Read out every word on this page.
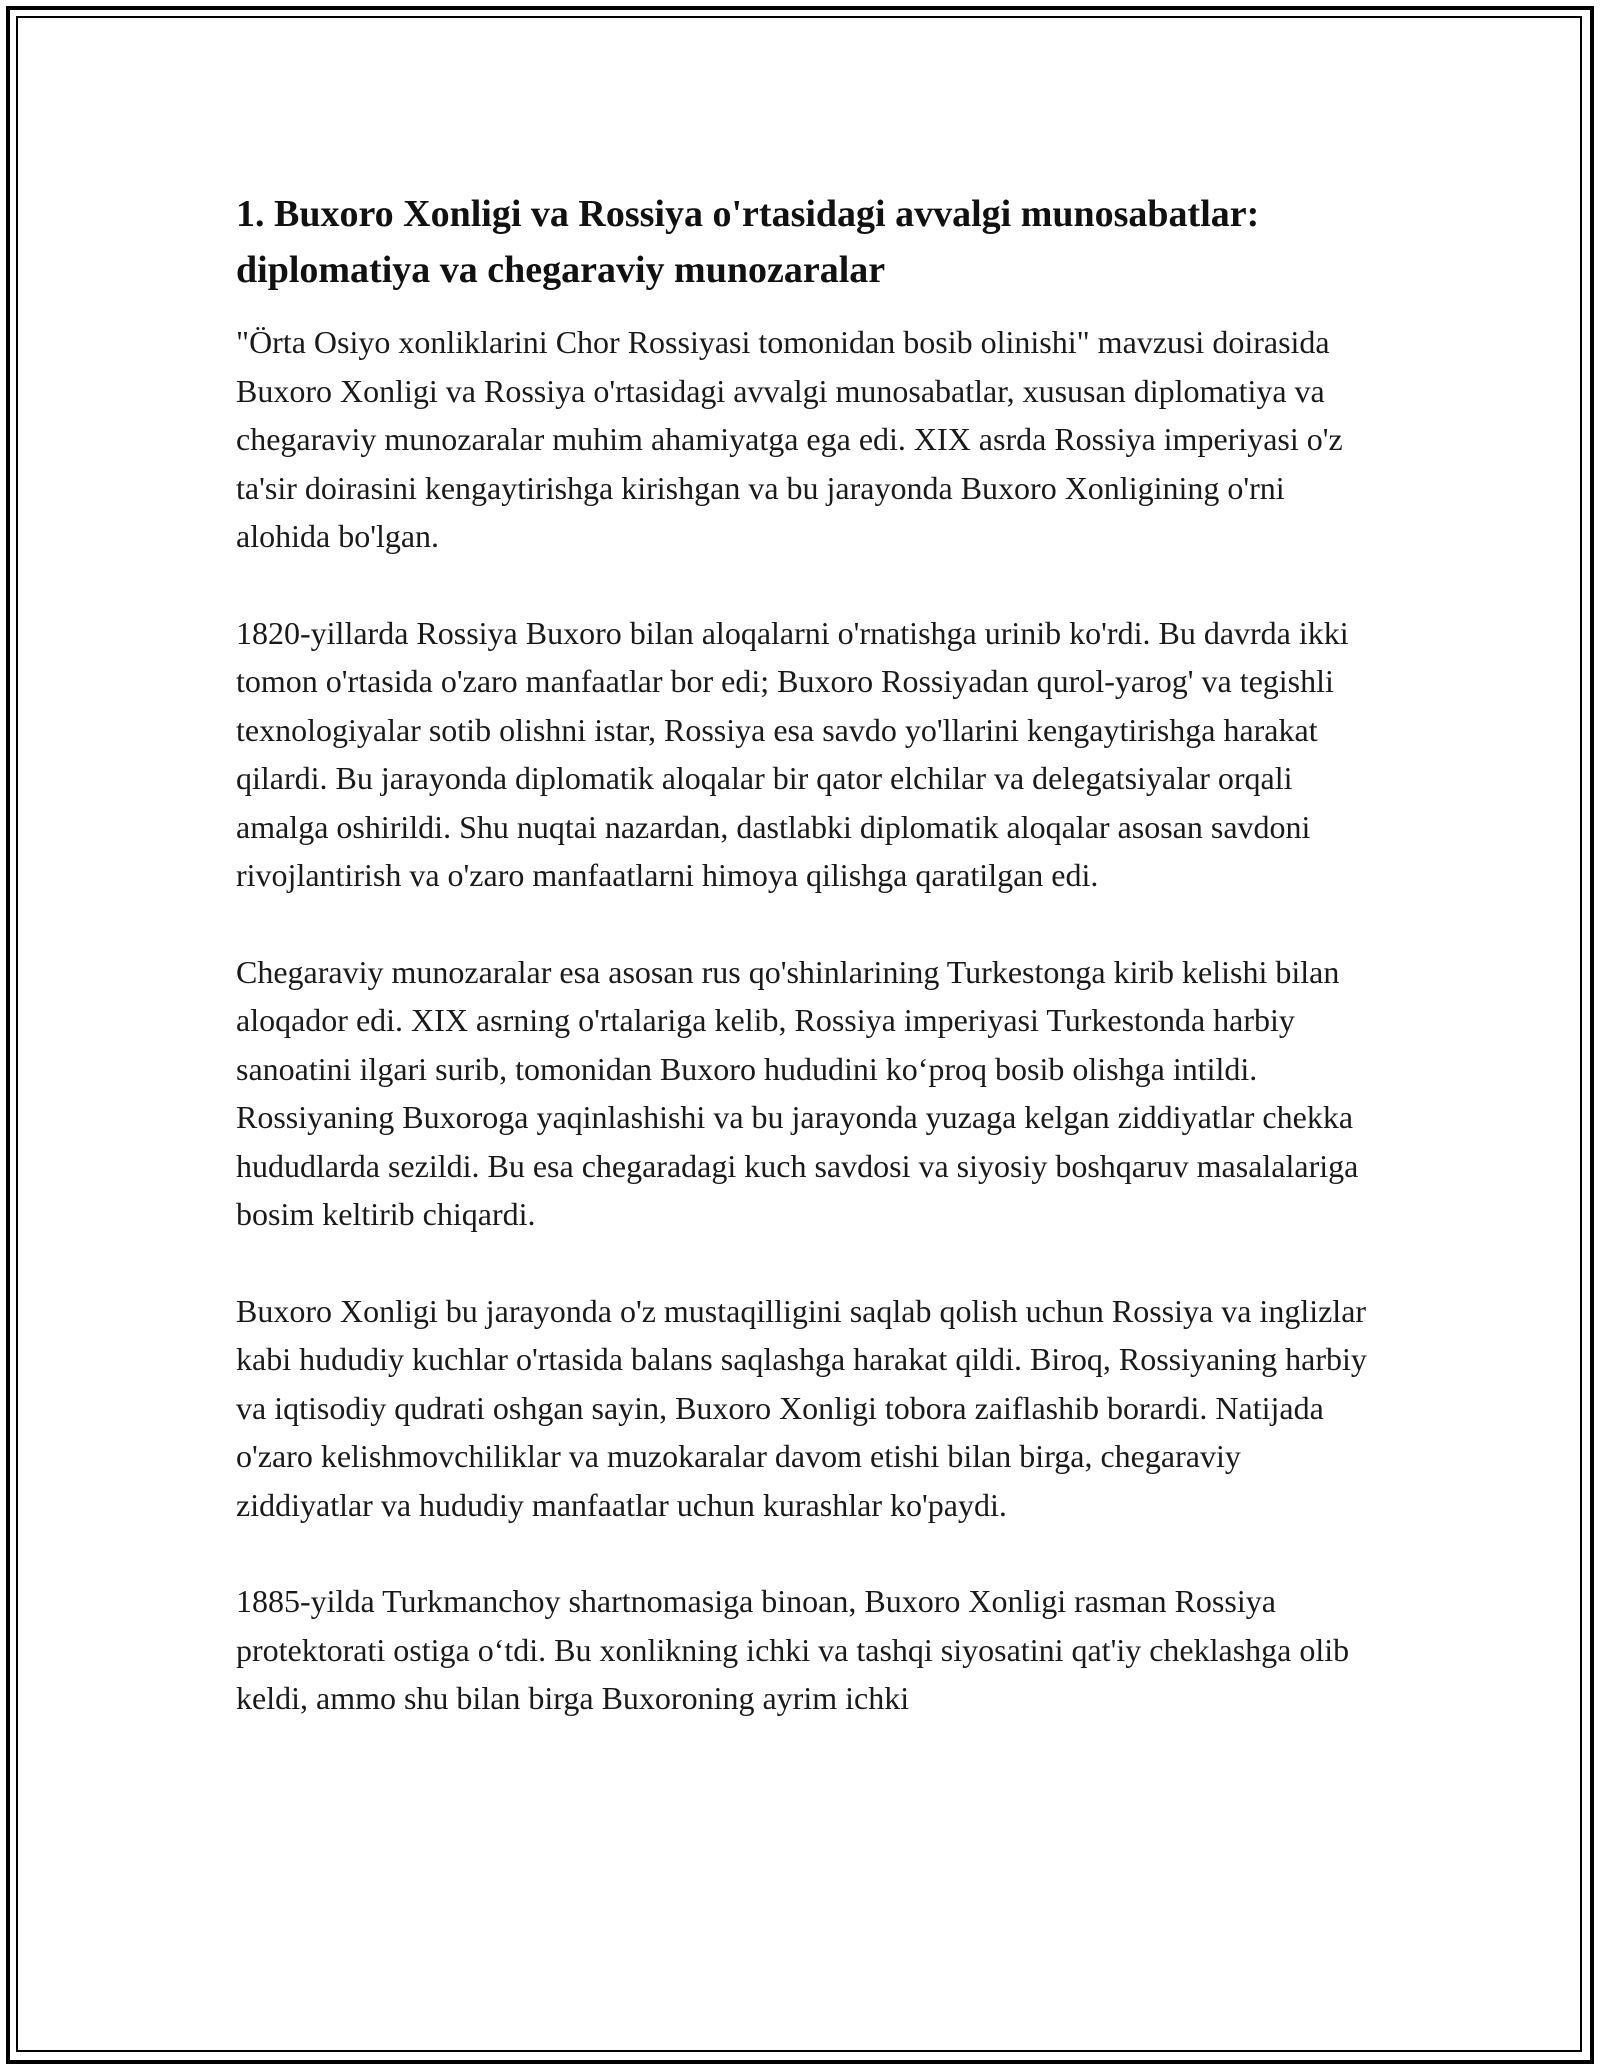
1. Buxoro Xonligi va Rossiya o'rtasidagi avvalgi munosabatlar: diplomatiya va chegaraviy munozaralar

"Örta Osiyo xonliklarini Chor Rossiyasi tomonidan bosib olinishi" mavzusi doirasida Buxoro Xonligi va Rossiya o'rtasidagi avvalgi munosabatlar, xususan diplomatiya va chegaraviy munozaralar muhim ahamiyatga ega edi. XIX asrda Rossiya imperiyasi o'z ta'sir doirasini kengaytirishga kirishgan va bu jarayonda Buxoro Xonligining o'rni alohida bo'lgan.

1820-yillarda Rossiya Buxoro bilan aloqalarni o'rnatishga urinib ko'rdi. Bu davrda ikki tomon o'rtasida o'zaro manfaatlar bor edi; Buxoro Rossiyadan qurol-yarog' va tegishli texnologiyalar sotib olishni istar, Rossiya esa savdo yo'llarini kengaytirishga harakat qilardi. Bu jarayonda diplomatik aloqalar bir qator elchilar va delegatsiyalar orqali amalga oshirildi. Shu nuqtai nazardan, dastlabki diplomatik aloqalar asosan savdoni rivojlantirish va o'zaro manfaatlarni himoya qilishga qaratilgan edi.

Chegaraviy munozaralar esa asosan rus qo'shinlarining Turkestonga kirib kelishi bilan aloqador edi. XIX asrning o'rtalariga kelib, Rossiya imperiyasi Turkestonda harbiy sanoatini ilgari surib, tomonidan Buxoro hududini ko‘proq bosib olishga intildi. Rossiyaning Buxoroga yaqinlashishi va bu jarayonda yuzaga kelgan ziddiyatlar chekka hududlarda sezildi. Bu esa chegaradagi kuch savdosi va siyosiy boshqaruv masalalariga bosim keltirib chiqardi.

Buxoro Xonligi bu jarayonda o'z mustaqilligini saqlab qolish uchun Rossiya va inglizlar kabi hududiy kuchlar o'rtasida balans saqlashga harakat qildi. Biroq, Rossiyaning harbiy va iqtisodiy qudrati oshgan sayin, Buxoro Xonligi tobora zaiflashib borardi. Natijada o'zaro kelishmovchiliklar va muzokaralar davom etishi bilan birga, chegaraviy ziddiyatlar va hududiy manfaatlar uchun kurashlar ko'paydi.

1885-yilda Turkmanchoy shartnomasiga binoan, Buxoro Xonligi rasman Rossiya protektorati ostiga o‘tdi. Bu xonlikning ichki va tashqi siyosatini qat'iy cheklashga olib keldi, ammo shu bilan birga Buxoroning ayrim ichki
